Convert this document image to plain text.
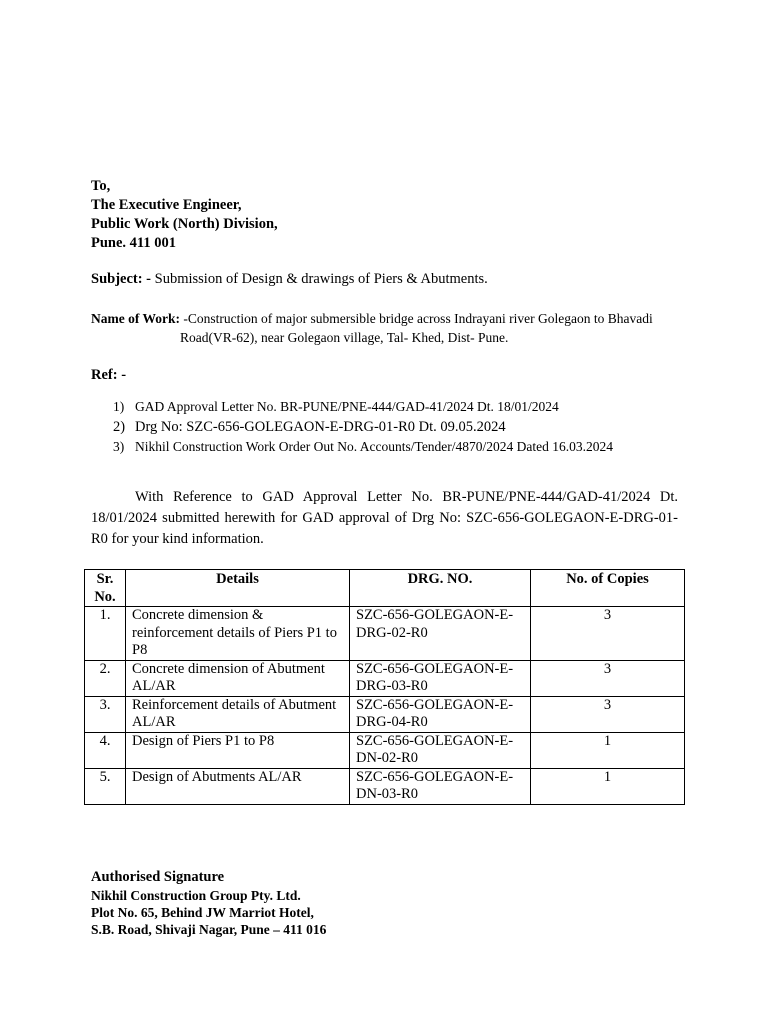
To,
The Executive Engineer,
Public Work (North) Division,
Pune. 411 001
Subject: - Submission of Design & drawings of Piers & Abutments.
Name of Work: -Construction of major submersible bridge across Indrayani river Golegaon to Bhavadi
Road(VR-62), near Golegaon village, Tal- Khed, Dist- Pune.
Ref: -
1) GAD Approval Letter No. BR-PUNE/PNE-444/GAD-41/2024 Dt. 18/01/2024
2) Drg No: SZC-656-GOLEGAON-E-DRG-01-R0 Dt. 09.05.2024
3) Nikhil Construction Work Order Out No. Accounts/Tender/4870/2024 Dated 16.03.2024
With Reference to GAD Approval Letter No. BR-PUNE/PNE-444/GAD-41/2024 Dt. 18/01/2024 submitted herewith for GAD approval of Drg No: SZC-656-GOLEGAON-E-DRG-01-R0 for your kind information.
Sr.
No.	Details	DRG. NO.	No. of Copies
1.	Concrete dimension & reinforcement details of Piers P1 to P8	SZC-656-GOLEGAON-E-DRG-02-R0	3
2.	Concrete dimension of Abutment AL/AR	SZC-656-GOLEGAON-E-DRG-03-R0	3
3.	Reinforcement details of Abutment AL/AR	SZC-656-GOLEGAON-E-DRG-04-R0	3
4.	Design of Piers P1 to P8	SZC-656-GOLEGAON-E-DN-02-R0	1
5.	Design of Abutments AL/AR	SZC-656-GOLEGAON-E-DN-03-R0	1
Authorised Signature
Nikhil Construction Group Pty. Ltd.
Plot No. 65, Behind JW Marriot Hotel,
S.B. Road, Shivaji Nagar, Pune – 411 016
